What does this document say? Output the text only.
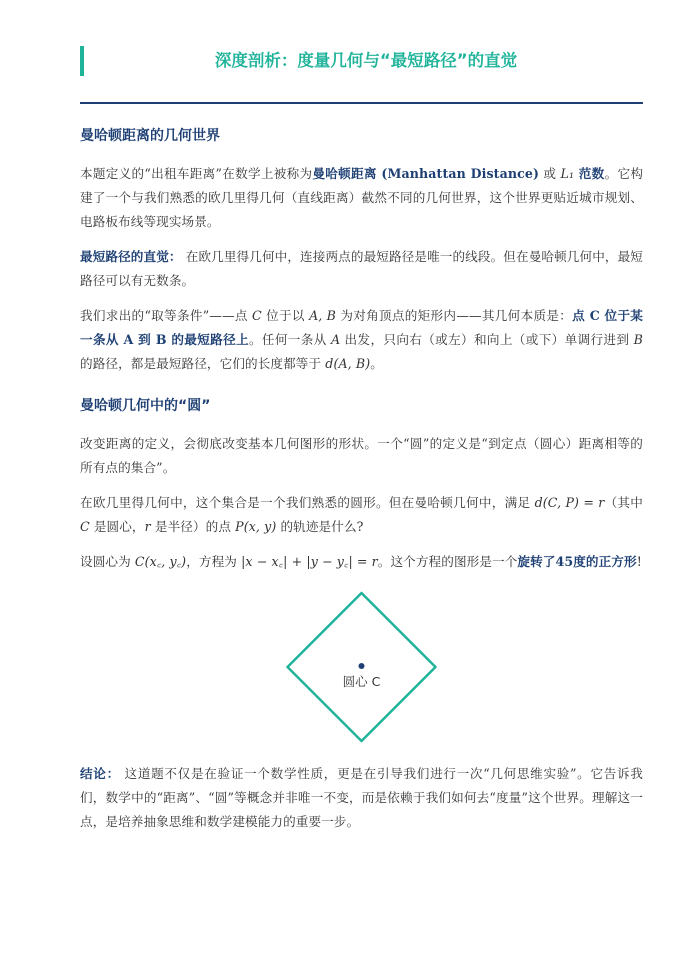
深度剖析：度量几何与“最短路径”的直觉
曼哈顿距离的几何世界

本题定义的“出租车距离”在数学上被称为曼哈顿距离 (Manhattan Distance) 或 L₁ 范数。它构建了一个与我们熟悉的欧几里得几何（直线距离）截然不同的几何世界，这个世界更贴近城市规划、电路板布线等现实场景。

最短路径的直觉： 在欧几里得几何中，连接两点的最短路径是唯一的线段。但在曼哈顿几何中，最短路径可以有无数条。

我们求出的“取等条件”——点 C 位于以 A, B 为对角顶点的矩形内——其几何本质是：点 C 位于某一条从 A 到 B 的最短路径上。任何一条从 A 出发，只向右（或左）和向上（或下）单调行进到 B 的路径，都是最短路径，它们的长度都等于 d(A, B)。

曼哈顿几何中的“圆”

改变距离的定义，会彻底改变基本几何图形的形状。一个“圆”的定义是“到定点（圆心）距离相等的所有点的集合”。

在欧几里得几何中，这个集合是一个我们熟悉的圆形。但在曼哈顿几何中，满足 d(C, P) = r（其中 C 是圆心，r 是半径）的点 P(x, y) 的轨迹是什么?

设圆心为 C(x꜀, y꜀)，方程为 |x − x꜀| + |y − y꜀| = r。这个方程的图形是一个旋转了45度的正方形!

圆心 C

结论： 这道题不仅是在验证一个数学性质，更是在引导我们进行一次“几何思维实验”。它告诉我们，数学中的“距离”、“圆”等概念并非唯一不变，而是依赖于我们如何去“度量”这个世界。理解这一点，是培养抽象思维和数学建模能力的重要一步。
